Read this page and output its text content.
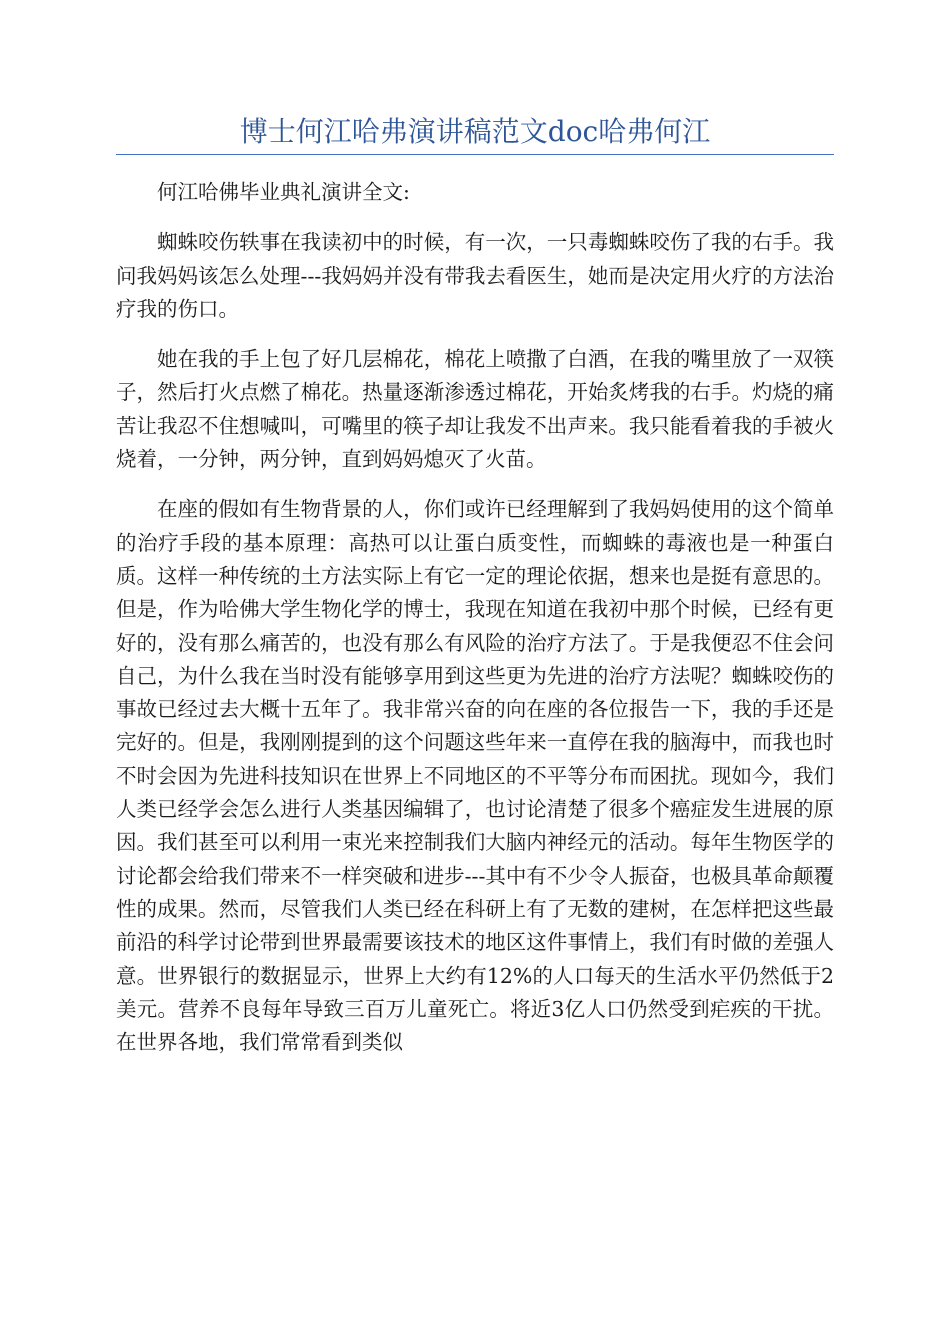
博士何江哈弗演讲稿范文doc哈弗何江

何江哈佛毕业典礼演讲全文:

蜘蛛咬伤轶事在我读初中的时候，有一次，一只毒蜘蛛咬伤了我的右手。我问我妈妈该怎么处理---我妈妈并没有带我去看医生，她而是决定用火疗的方法治疗我的伤口。

她在我的手上包了好几层棉花，棉花上喷撒了白酒，在我的嘴里放了一双筷子，然后打火点燃了棉花。热量逐渐渗透过棉花，开始炙烤我的右手。灼烧的痛苦让我忍不住想喊叫，可嘴里的筷子却让我发不出声来。我只能看着我的手被火烧着，一分钟，两分钟，直到妈妈熄灭了火苗。

在座的假如有生物背景的人，你们或许已经理解到了我妈妈使用的这个简单的治疗手段的基本原理：高热可以让蛋白质变性，而蜘蛛的毒液也是一种蛋白质。这样一种传统的土方法实际上有它一定的理论依据，想来也是挺有意思的。但是，作为哈佛大学生物化学的博士，我现在知道在我初中那个时候，已经有更好的，没有那么痛苦的，也没有那么有风险的治疗方法了。于是我便忍不住会问自己，为什么我在当时没有能够享用到这些更为先进的治疗方法呢？蜘蛛咬伤的事故已经过去大概十五年了。我非常兴奋的向在座的各位报告一下，我的手还是完好的。但是，我刚刚提到的这个问题这些年来一直停在我的脑海中，而我也时不时会因为先进科技知识在世界上不同地区的不平等分布而困扰。现如今，我们人类已经学会怎么进行人类基因编辑了，也讨论清楚了很多个癌症发生进展的原因。我们甚至可以利用一束光来控制我们大脑内神经元的活动。每年生物医学的讨论都会给我们带来不一样突破和进步---其中有不少令人振奋，也极具革命颠覆性的成果。然而，尽管我们人类已经在科研上有了无数的建树，在怎样把这些最前沿的科学讨论带到世界最需要该技术的地区这件事情上，我们有时做的差强人意。世界银行的数据显示，世界上大约有12%的人口每天的生活水平仍然低于2美元。营养不良每年导致三百万儿童死亡。将近3亿人口仍然受到疟疾的干扰。在世界各地，我们常常看到类似
